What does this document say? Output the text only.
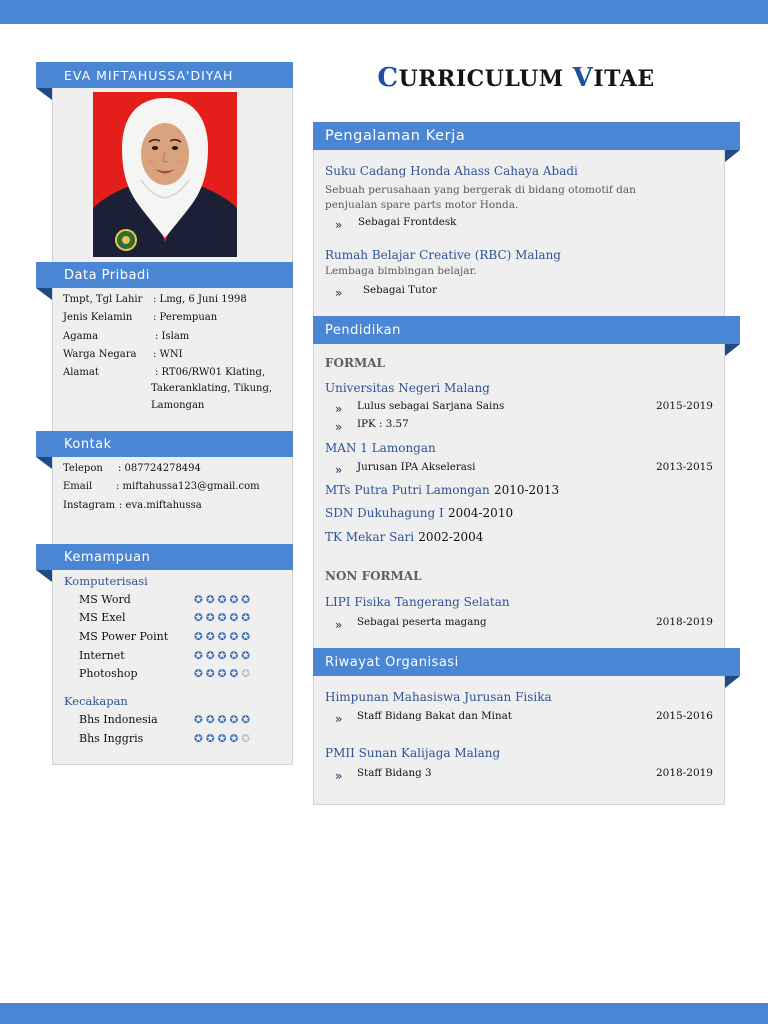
EVA MIFTAHUSSA'DIYAH
Data Pribadi
Tmpt, Tgl Lahir : Lmg, 6 Juni 1998
Jenis Kelamin : Perempuan
Agama	: Islam
Warga Negara : WNI
Alamat	: RT06/RW01 Klating,
Takeranklating, Tikung,
Lamongan
Kontak
Telepon : 087724278494
Email : miftahussa123@gmail.com
Instagram : eva.miftahussa
Kemampuan
Komputerisasi
MS Word	✪✪✪✪✪
MS Exel	✪✪✪✪✪
MS Power Point ✪✪✪✪✪
Internet	✪✪✪✪✪
Photoshop	✪✪✪✪✪
Kecakapan
Bhs Indonesia	✪✪✪✪✪
Bhs Inggris	✪✪✪✪✪
CURRICULUM VITAE
Pengalaman Kerja
Suku Cadang Honda Ahass Cahaya Abadi
Sebuah perusahaan yang bergerak di bidang otomotif dan
penjualan spare parts motor Honda.
»
Sebagai Frontdesk
Rumah Belajar Creative (RBC) Malang
Lembaga bimbingan belajar.
»
Sebagai Tutor
Pendidikan
FORMAL
Universitas Negeri Malang
»
Lulus sebagai Sarjana Sains	2015-2019
»
IPK : 3.57
MAN 1 Lamongan
»
Jurusan IPA Akselerasi	2013-2015
MTs Putra Putri Lamongan 2010-2013
SDN Dukuhagung I 2004-2010
TK Mekar Sari 2002-2004
NON FORMAL
LIPI Fisika Tangerang Selatan
»
Sebagai peserta magang	2018-2019
Riwayat Organisasi
Himpunan Mahasiswa Jurusan Fisika
»
Staff Bidang Bakat dan Minat	2015-2016
PMII Sunan Kalijaga Malang
»
Staff Bidang 3	2018-2019
